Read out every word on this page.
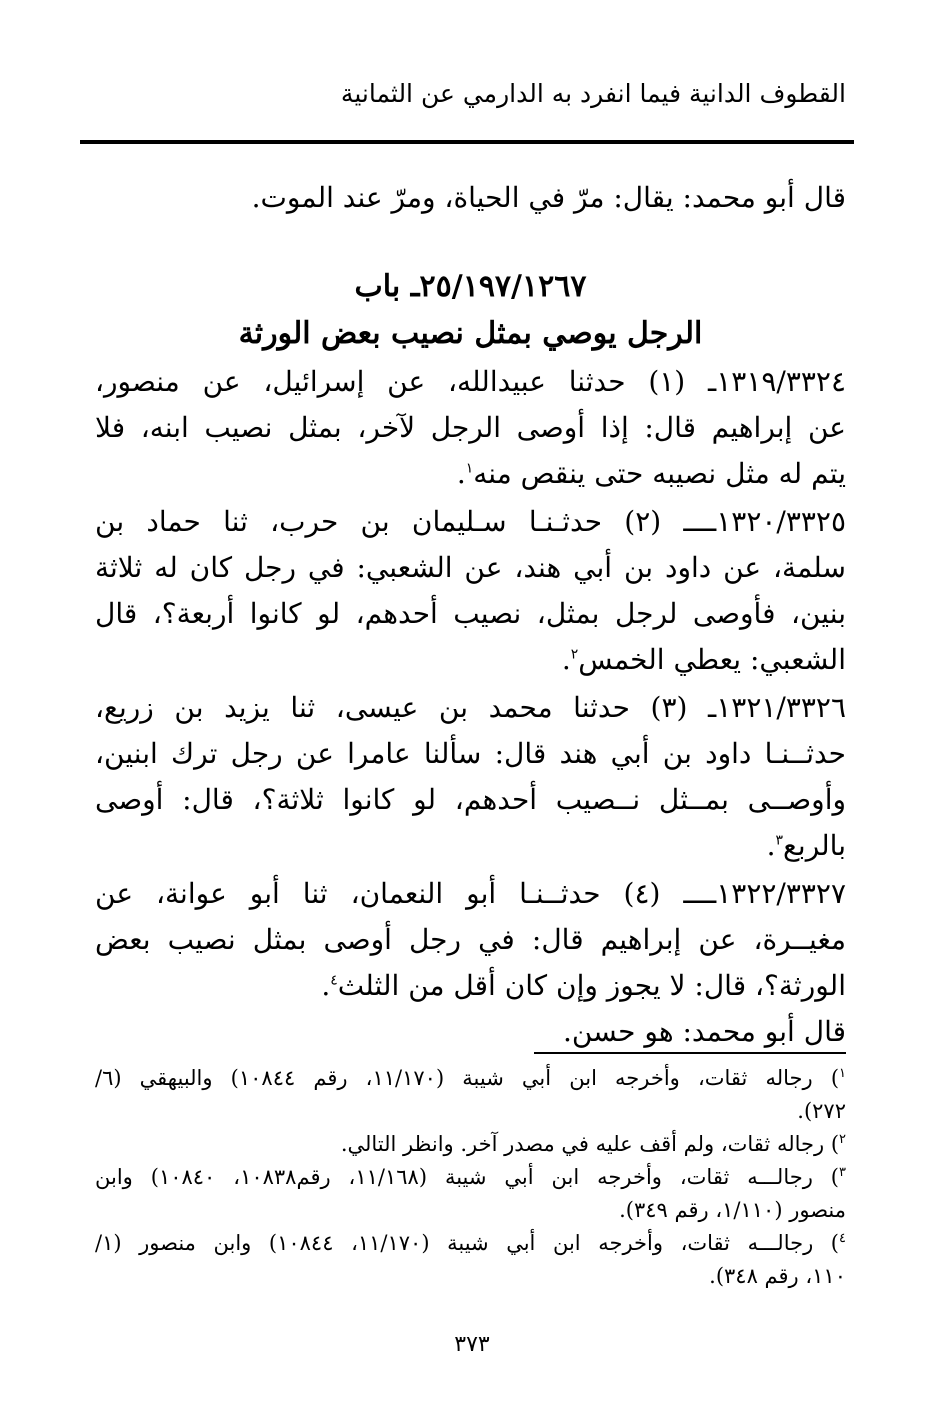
القطوف الدانية فيما انفرد به الدارمي عن الثمانية
قال أبو محمد: يقال: مرّ في الحياة، ومرّ عند الموت.
٢٥/١٩٧/١٢٦٧ـ باب
الرجل يوصي بمثل نصيب بعض الورثة
١٣١٩/٣٣٢٤ـ (١) حدثنا عبيدالله، عن إسرائيل، عن منصور،
عن إبراهيم قال: إذا أوصى الرجل لآخر، بمثل نصيب ابنه، فلا
يتم له مثل نصيبه حتى ينقص منه$^١$.
١٣٢٠/٣٣٢٥ــــ (٢) حدثـنـا سـليمان بن حرب، ثنا حماد بن
سلمة، عن داود بن أبي هند، عن الشعبي: في رجل كان له ثلاثة
بنين، فأوصى لرجل بمثل، نصيب أحدهم، لو كانوا أربعة؟، قال
الشعبي: يعطي الخمس$^٢$.
١٣٢١/٣٣٢٦ـ (٣) حدثنا محمد بن عيسى، ثنا يزيد بن زريع،
حدثــنـا داود بن أبي هند قال: سألنا عامرا عن رجل ترك ابنين،
وأوصــى بمــثل نــصيب أحدهم، لو كانوا ثلاثة؟، قال: أوصى
بالربع$^٣$.
١٣٢٢/٣٣٢٧ــــ (٤) حدثــنـا أبو النعمان، ثنا أبو عوانة، عن
مغيــرة، عن إبراهيم قال: في رجل أوصى بمثل نصيب بعض
الورثة؟، قال: لا يجوز وإن كان أقل من الثلث$^٤$.
قال أبو محمد: هو حسن.
$^١$) رجاله ثقات، وأخرجه ابن أبي شيبة (١١/١٧٠، رقم ١٠٨٤٤) والبيهقي (٦/
٢٧٢).
$^٢$) رجاله ثقات، ولم أقف عليه في مصدر آخر. وانظر التالي.
$^٣$) رجالـــه ثقات، وأخرجه ابن أبي شيبة (١١/١٦٨، رقم١٠٨٣٨، ١٠٨٤٠) وابن
منصور (١/١١٠، رقم ٣٤٩).
$^٤$) رجالـــه ثقات، وأخرجه ابن أبي شيبة (١١/١٧٠، ١٠٨٤٤) وابن منصور (١/
١١٠، رقم ٣٤٨).
٣٧٣
